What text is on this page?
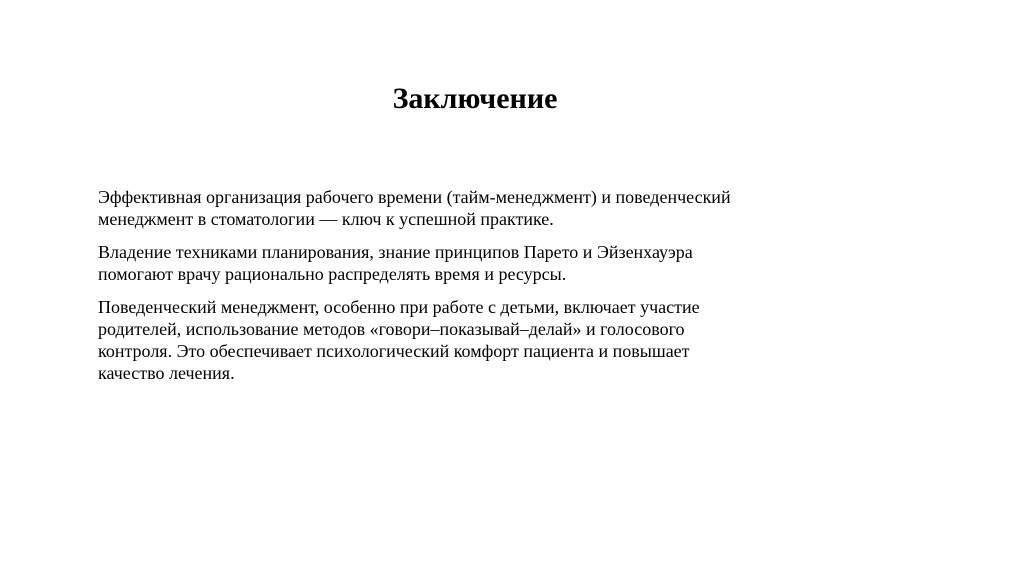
Заключение

Эффективная организация рабочего времени (тайм-менеджмент) и поведенческий
менеджмент в стоматологии — ключ к успешной практике.

Владение техниками планирования, знание принципов Парето и Эйзенхауэра
помогают врачу рационально распределять время и ресурсы.

Поведенческий менеджмент, особенно при работе с детьми, включает участие
родителей, использование методов «говори–показывай–делай» и голосового
контроля. Это обеспечивает психологический комфорт пациента и повышает
качество лечения.
